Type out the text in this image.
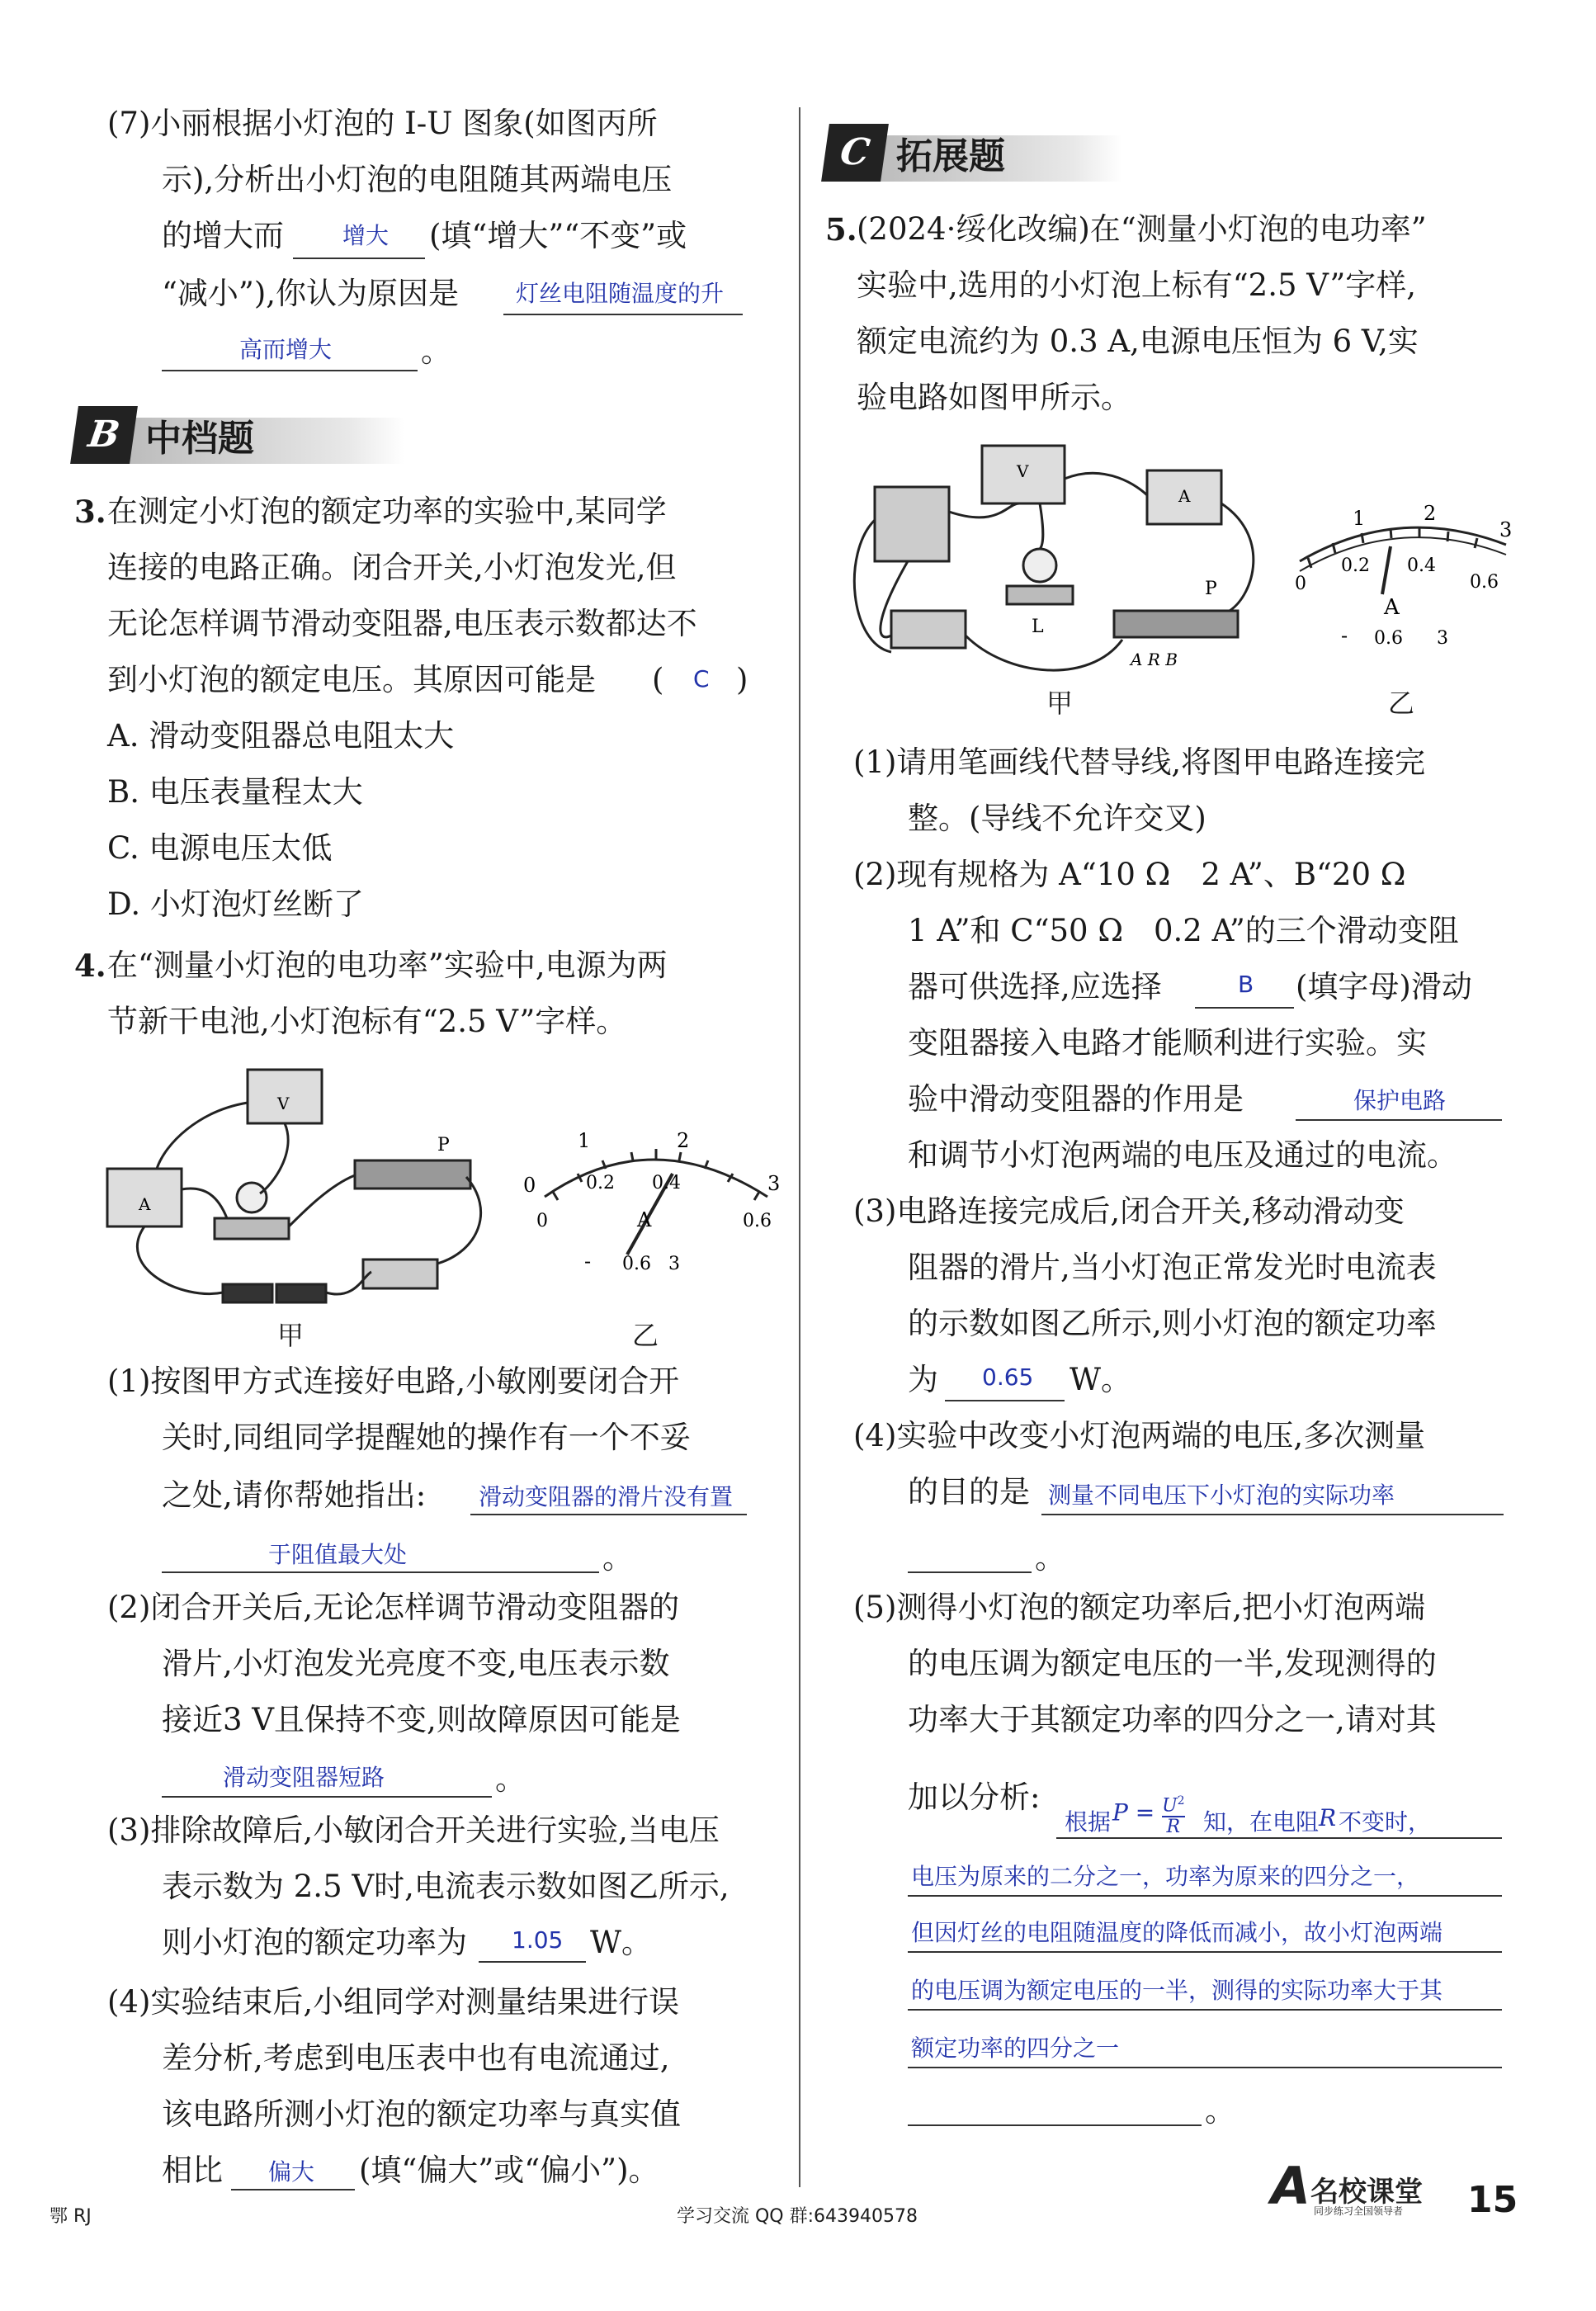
(7)小丽根据小灯泡的 I-U 图象(如图丙所
示),分析出小灯泡的电阻随其两端电压
的增大而	增大 (填“增大”“不变”或
“减小”),你认为原因是 灯丝电阻随温度的升
高而增大	。
B 中档题
3. 在测定小灯泡的额定功率的实验中,某同学
连接的电路正确。闭合开关,小灯泡发光,但
无论怎样调节滑动变阻器,电压表示数都达不
到小灯泡的额定电压。其原因可能是 ( C )
A. 滑动变阻器总电阻太大
B. 电压表量程太大
C. 电源电压太低
D. 小灯泡灯丝断了
4. 在“测量小灯泡的电功率”实验中,电源为两
节新干电池,小灯泡标有“2.5 V”字样。
V
A
P
甲
0
1	2
3
0.2 0.4
0	0.6
A
- 0.6 3
乙
(1)按图甲方式连接好电路,小敏刚要闭合开
关时,同组同学提醒她的操作有一个不妥
之处,请你帮她指出: 滑动变阻器的滑片没有置
于阻值最大处	。
(2)闭合开关后,无论怎样调节滑动变阻器的
滑片,小灯泡发光亮度不变,电压表示数
接近3 V且保持不变,则故障原因可能是
滑动变阻器短路	。
(3)排除故障后,小敏闭合开关进行实验,当电压
表示数为 2.5 V时,电流表示数如图乙所示,
则小灯泡的额定功率为 1.05 W。
(4)实验结束后,小组同学对测量结果进行误
差分析,考虑到电压表中也有电流通过,
该电路所测小灯泡的额定功率与真实值
相比 偏大 (填“偏大”或“偏小”)。
C 拓展题
5. (2024·绥化改编)在“测量小灯泡的电功率”
实验中,选用的小灯泡上标有“2.5 V”字样,
额定电流约为 0.3 A,电源电压恒为 6 V,实
验电路如图甲所示。
V
A
L
P
A R B
甲
1	2
3
0
0.2 0.4
0.6
A
- 0.6 3
乙
(1)请用笔画线代替导线,将图甲电路连接完
整。(导线不允许交叉)
(2)现有规格为 A“10 Ω　2 A”、B“20 Ω
1 A”和 C“50 Ω　0.2 A”的三个滑动变阻
器可供选择,应选择	B (填字母)滑动
变阻器接入电路才能顺利进行实验。实
验中滑动变阻器的作用是	保护电路
和调节小灯泡两端的电压及通过的电流。
(3)电路连接完成后,闭合开关,移动滑动变
阻器的滑片,当小灯泡正常发光时电流表
的示数如图乙所示,则小灯泡的额定功率
为 0.65 W。
(4)实验中改变小灯泡两端的电压,多次测量
的目的是 测量不同电压下小灯泡的实际功率
。
(5)测得小灯泡的额定功率后,把小灯泡两端
的电压调为额定电压的一半,发现测得的
功率大于其额定功率的四分之一,请对其
加以分析:
根据 $P = \frac{U^2}{R}$ 知，在电阻 R 不变时，
电压为原来的二分之一，功率为原来的四分之一，
但因灯丝的电阻随温度的降低而减小，故小灯泡两端
的电压调为额定电压的一半，测得的实际功率大于其
额定功率的四分之一
。
鄂 RJ	学习交流 QQ 群:643940578
A 名校课堂
同步练习全国领导者 15
